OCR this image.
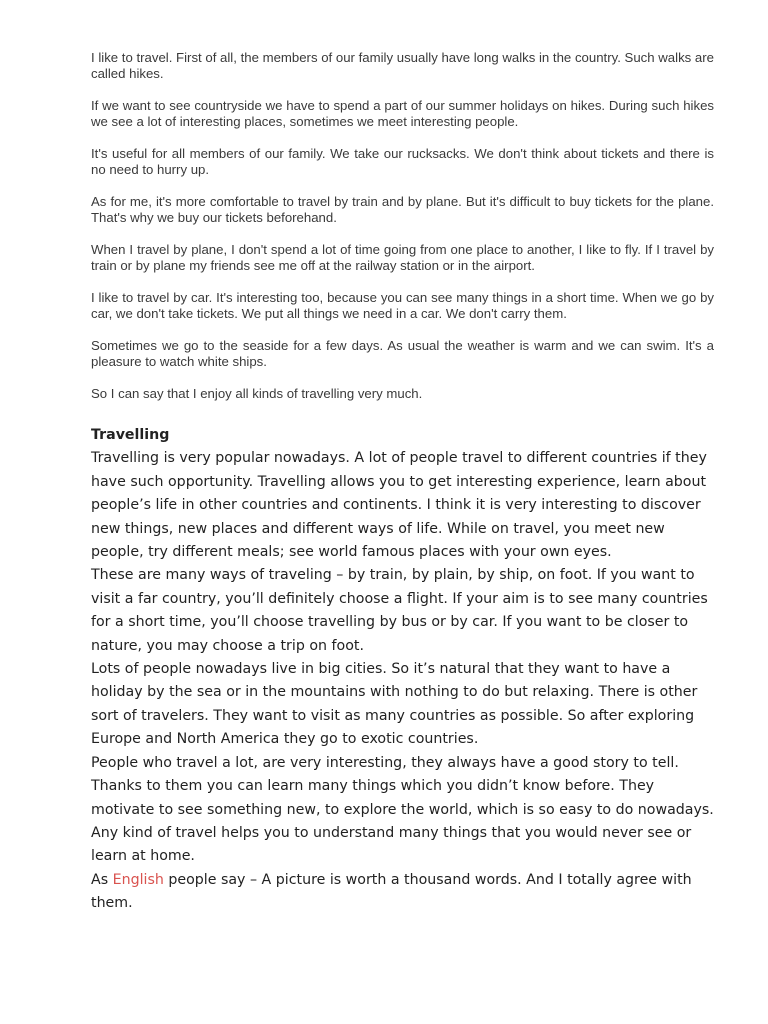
I like to travel. First of all, the members of our family usually have long walks in the country. Such walks are called hikes.

If we want to see countryside we have to spend a part of our summer holidays on hikes. During such hikes we see a lot of interesting places, sometimes we meet interesting people.

It's useful for all members of our family. We take our rucksacks. We don't think about tickets and there is no need to hurry up.

As for me, it's more comfortable to travel by train and by plane. But it's difficult to buy tickets for the plane. That's why we buy our tickets beforehand.

When I travel by plane, I don't spend a lot of time going from one place to another, I like to fly. If I travel by train or by plane my friends see me off at the railway station or in the airport.

I like to travel by car. It's interesting too, because you can see many things in a short time. When we go by car, we don't take tickets. We put all things we need in a car. We don't carry them.

Sometimes we go to the seaside for a few days. As usual the weather is warm and we can swim. It's a pleasure to watch white ships.

So I can say that I enjoy all kinds of travelling very much.

Travelling

Travelling is very popular nowadays. A lot of people travel to different countries if they have such opportunity. Travelling allows you to get interesting experience, learn about people’s life in other countries and continents. I think it is very interesting to discover new things, new places and different ways of life. While on travel, you meet new people, try different meals; see world famous places with your own eyes.

These are many ways of traveling – by train, by plain, by ship, on foot. If you want to visit a far country, you’ll definitely choose a flight. If your aim is to see many countries for a short time, you’ll choose travelling by bus or by car. If you want to be closer to nature, you may choose a trip on foot.

Lots of people nowadays live in big cities. So it’s natural that they want to have a holiday by the sea or in the mountains with nothing to do but relaxing. There is other sort of travelers. They want to visit as many countries as possible. So after exploring Europe and North America they go to exotic countries.

People who travel a lot, are very interesting, they always have a good story to tell. Thanks to them you can learn many things which you didn’t know before. They motivate to see something new, to explore the world, which is so easy to do nowadays. Any kind of travel helps you to understand many things that you would never see or learn at home.

As English people say – A picture is worth a thousand words. And I totally agree with them.
